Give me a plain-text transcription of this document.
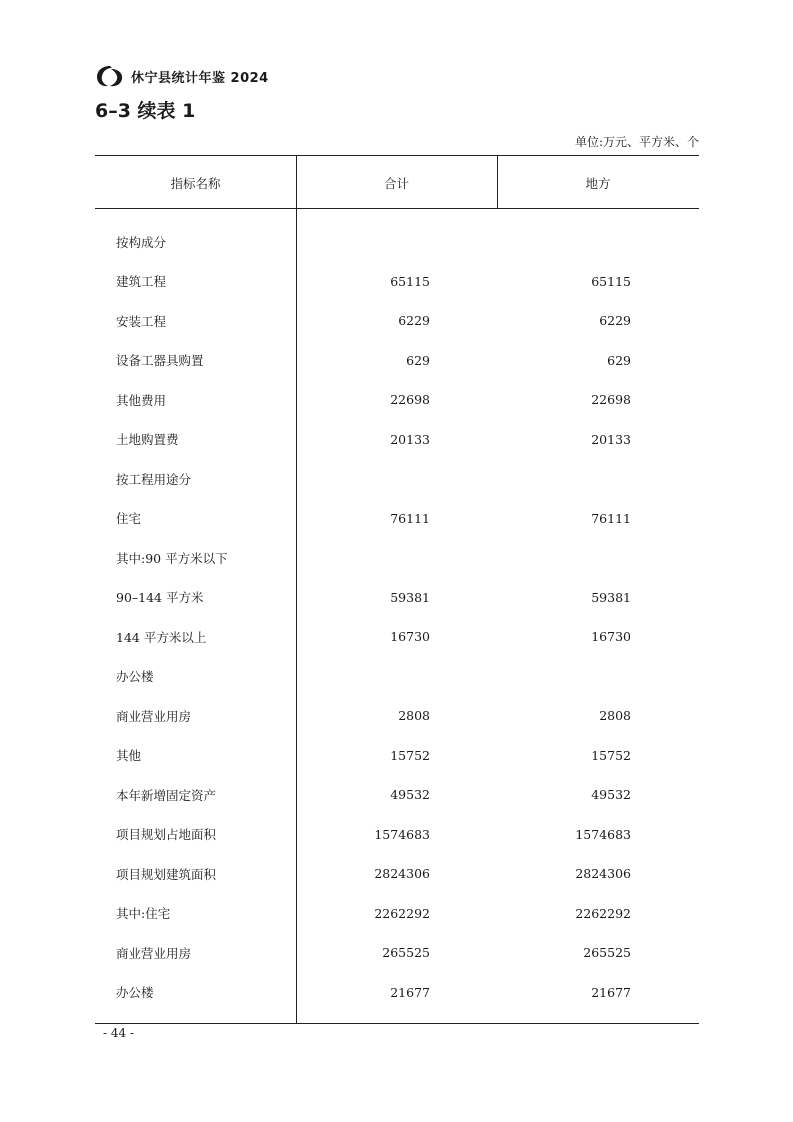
休宁县统计年鉴 2024
6–3 续表 1
单位:万元、平方米、个
指标名称	合计	地方
按构成分
建筑工程	65115	65115
安装工程	6229	6229
设备工器具购置	629	629
其他费用	22698	22698
土地购置费	20133	20133
按工程用途分
住宅	76111	76111
其中:90 平方米以下
90–144 平方米	59381	59381
144 平方米以上	16730	16730
办公楼
商业营业用房	2808	2808
其他	15752	15752
本年新增固定资产	49532	49532
项目规划占地面积	1574683	1574683
项目规划建筑面积	2824306	2824306
其中:住宅	2262292	2262292
商业营业用房	265525	265525
办公楼	21677	21677
- 44 -
